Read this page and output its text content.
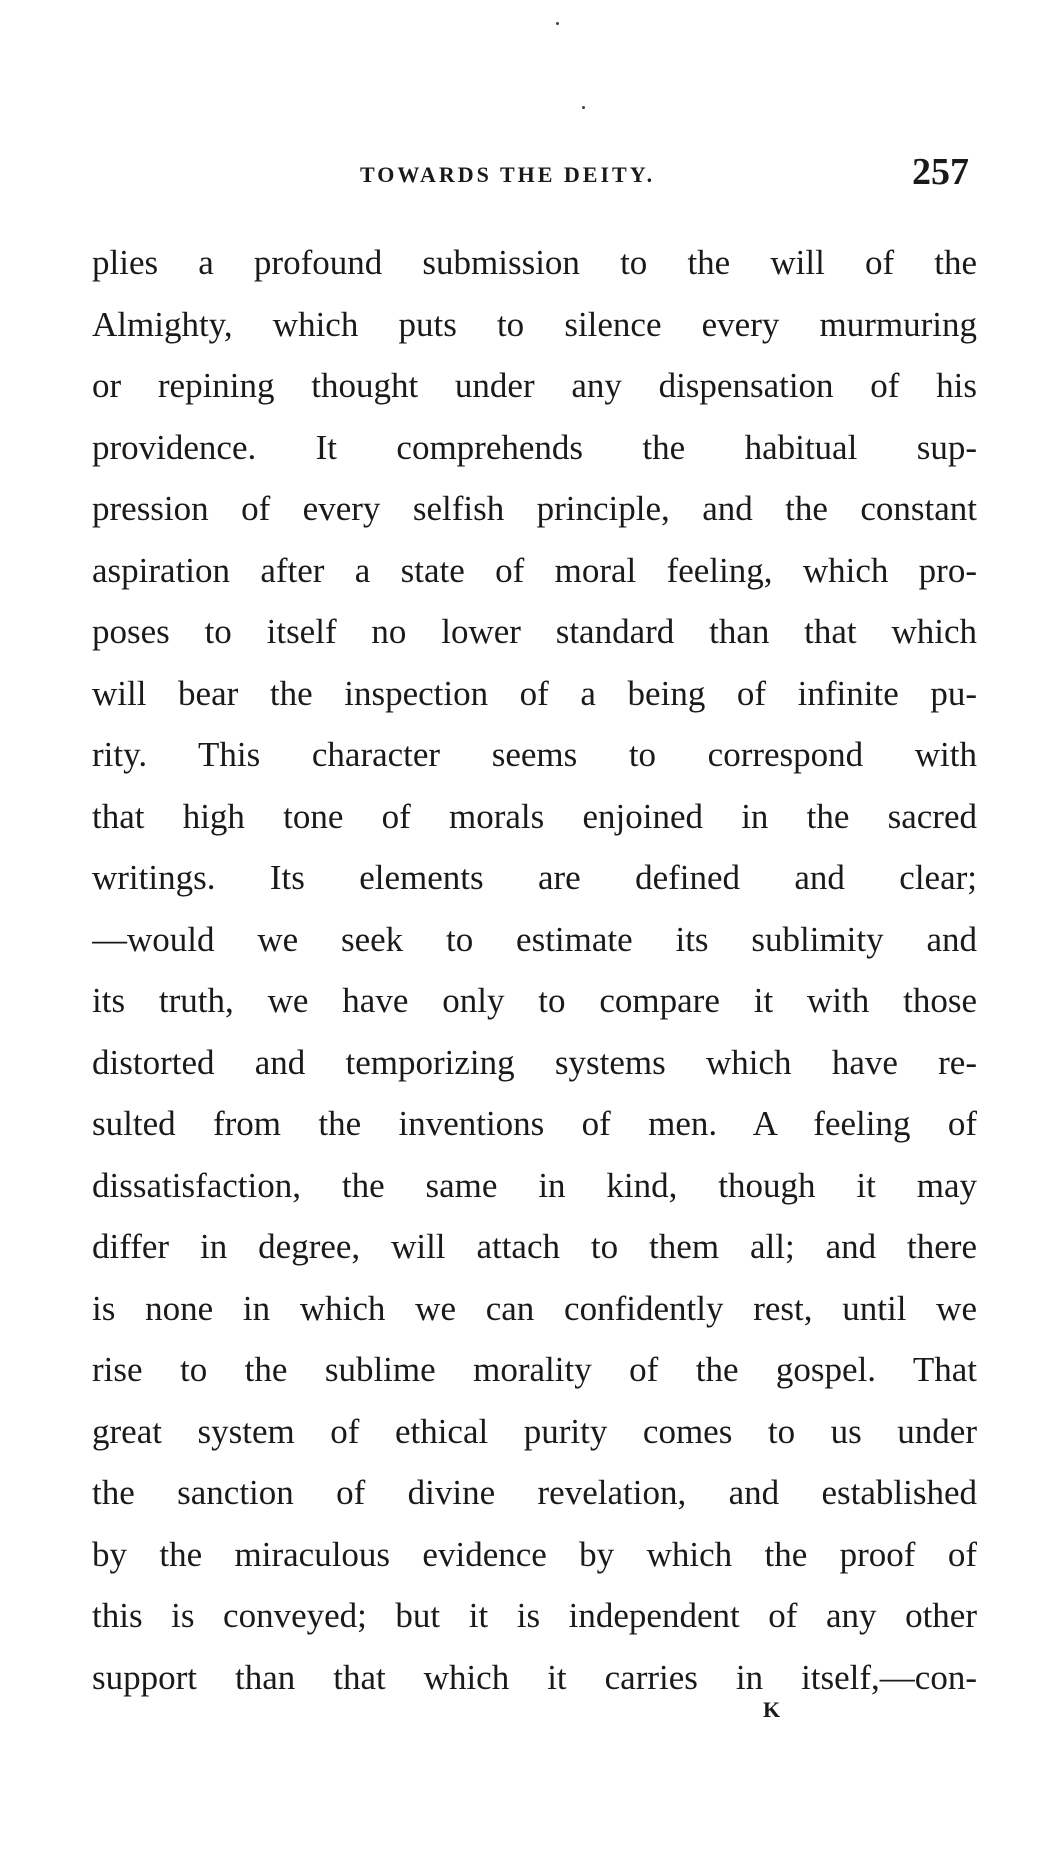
TOWARDS THE DEITY.	257
plies a profound submission to the will of the
Almighty, which puts to silence every murmuring
or repining thought under any dispensation of his
providence. It comprehends the habitual sup-
pression of every selfish principle, and the constant
aspiration after a state of moral feeling, which pro-
poses to itself no lower standard than that which
will bear the inspection of a being of infinite pu-
rity. This character seems to correspond with
that high tone of morals enjoined in the sacred
writings. Its elements are defined and clear;
—would we seek to estimate its sublimity and
its truth, we have only to compare it with those
distorted and temporizing systems which have re-
sulted from the inventions of men. A feeling of
dissatisfaction, the same in kind, though it may
differ in degree, will attach to them all; and there
is none in which we can confidently rest, until we
rise to the sublime morality of the gospel. That
great system of ethical purity comes to us under
the sanction of divine revelation, and established
by the miraculous evidence by which the proof of
this is conveyed; but it is independent of any other
support than that which it carries in itself,—con-
K
